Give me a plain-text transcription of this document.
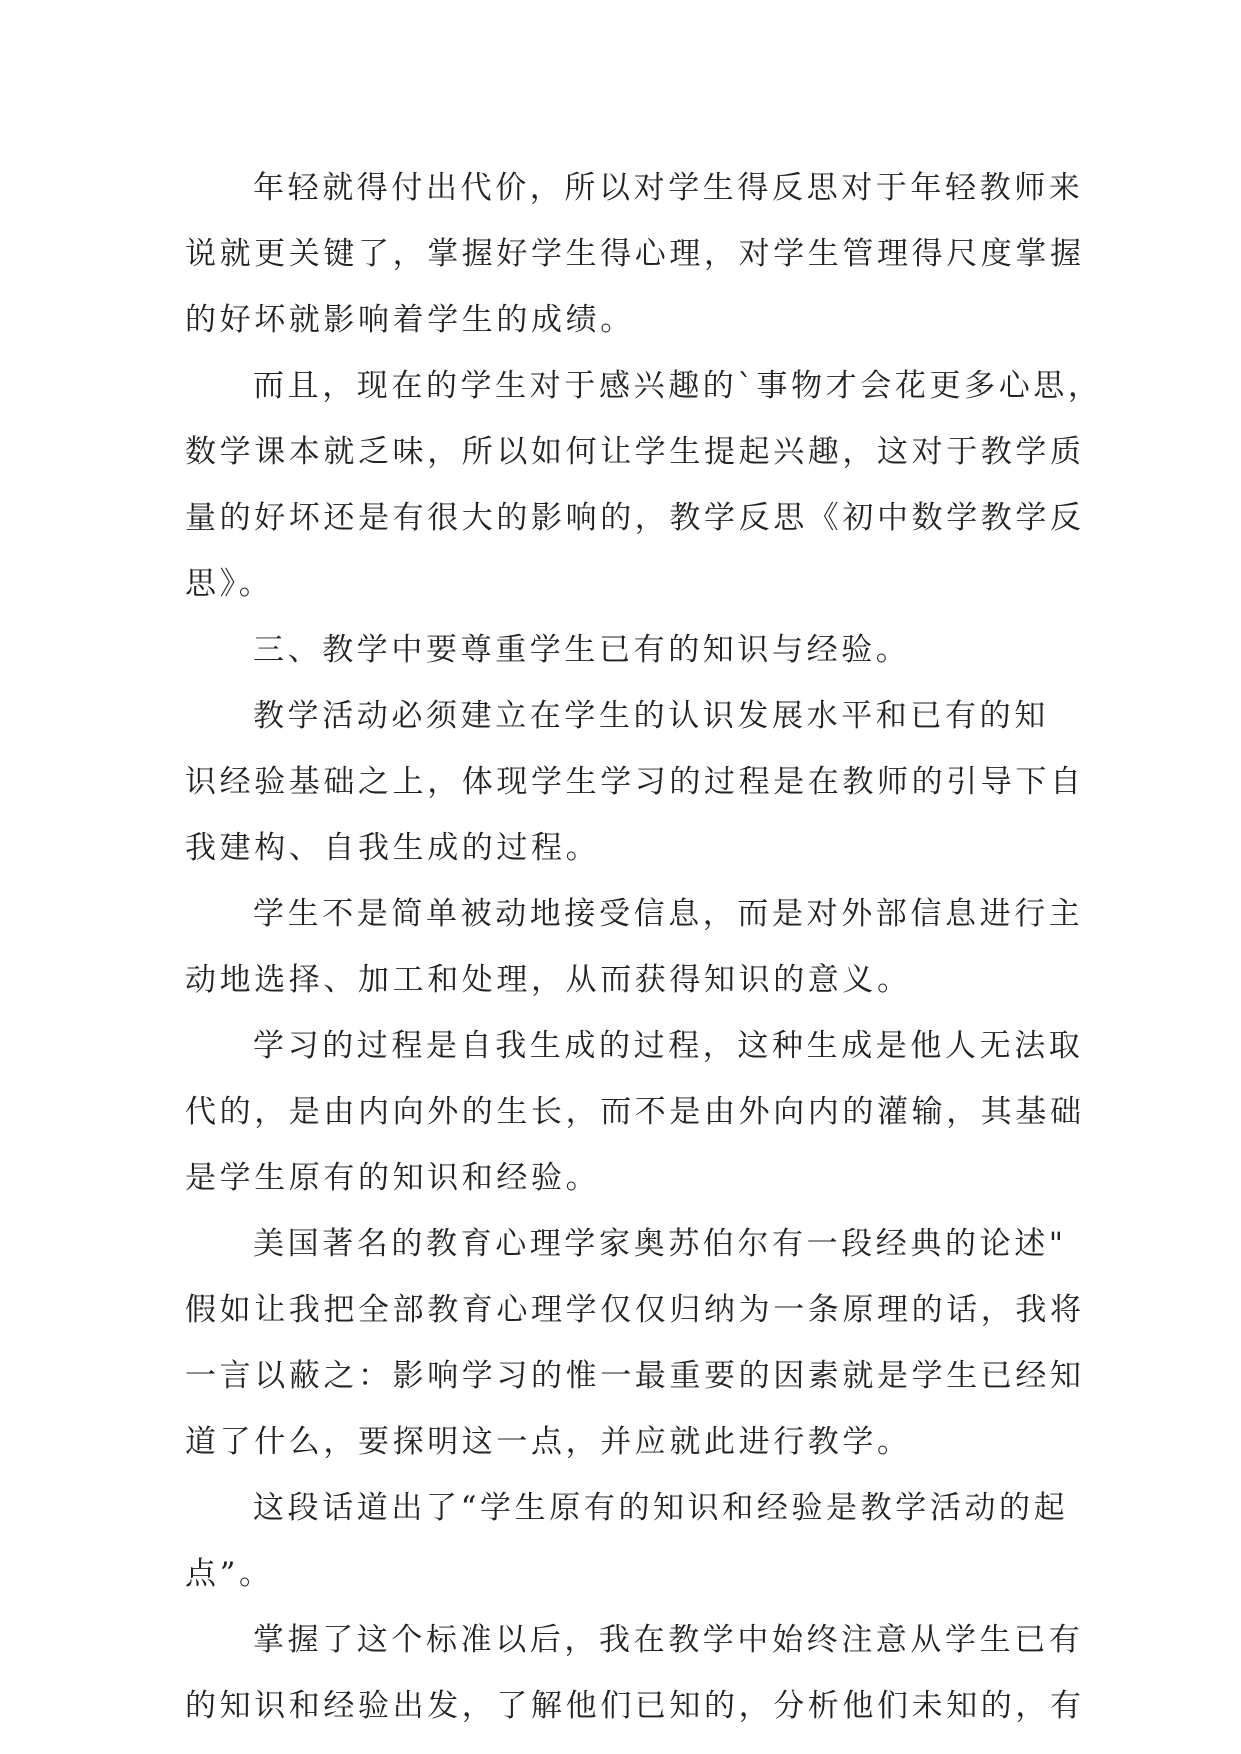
年轻就得付出代价，所以对学生得反思对于年轻教师来
说就更关键了，掌握好学生得心理，对学生管理得尺度掌握
的好坏就影响着学生的成绩。
而且，现在的学生对于感兴趣的`事物才会花更多心思，
数学课本就乏味，所以如何让学生提起兴趣，这对于教学质
量的好坏还是有很大的影响的，教学反思《初中数学教学反
思》。
三、教学中要尊重学生已有的知识与经验。
教学活动必须建立在学生的认识发展水平和已有的知
识经验基础之上，体现学生学习的过程是在教师的引导下自
我建构、自我生成的过程。
学生不是简单被动地接受信息，而是对外部信息进行主
动地选择、加工和处理，从而获得知识的意义。
学习的过程是自我生成的过程，这种生成是他人无法取
代的，是由内向外的生长，而不是由外向内的灌输，其基础
是学生原有的知识和经验。
美国著名的教育心理学家奥苏伯尔有一段经典的论述"
假如让我把全部教育心理学仅仅归纳为一条原理的话，我将
一言以蔽之：影响学习的惟一最重要的因素就是学生已经知
道了什么，要探明这一点，并应就此进行教学。
这段话道出了“学生原有的知识和经验是教学活动的起
点”。
掌握了这个标准以后，我在教学中始终注意从学生已有
的知识和经验出发，了解他们已知的，分析他们未知的，有
